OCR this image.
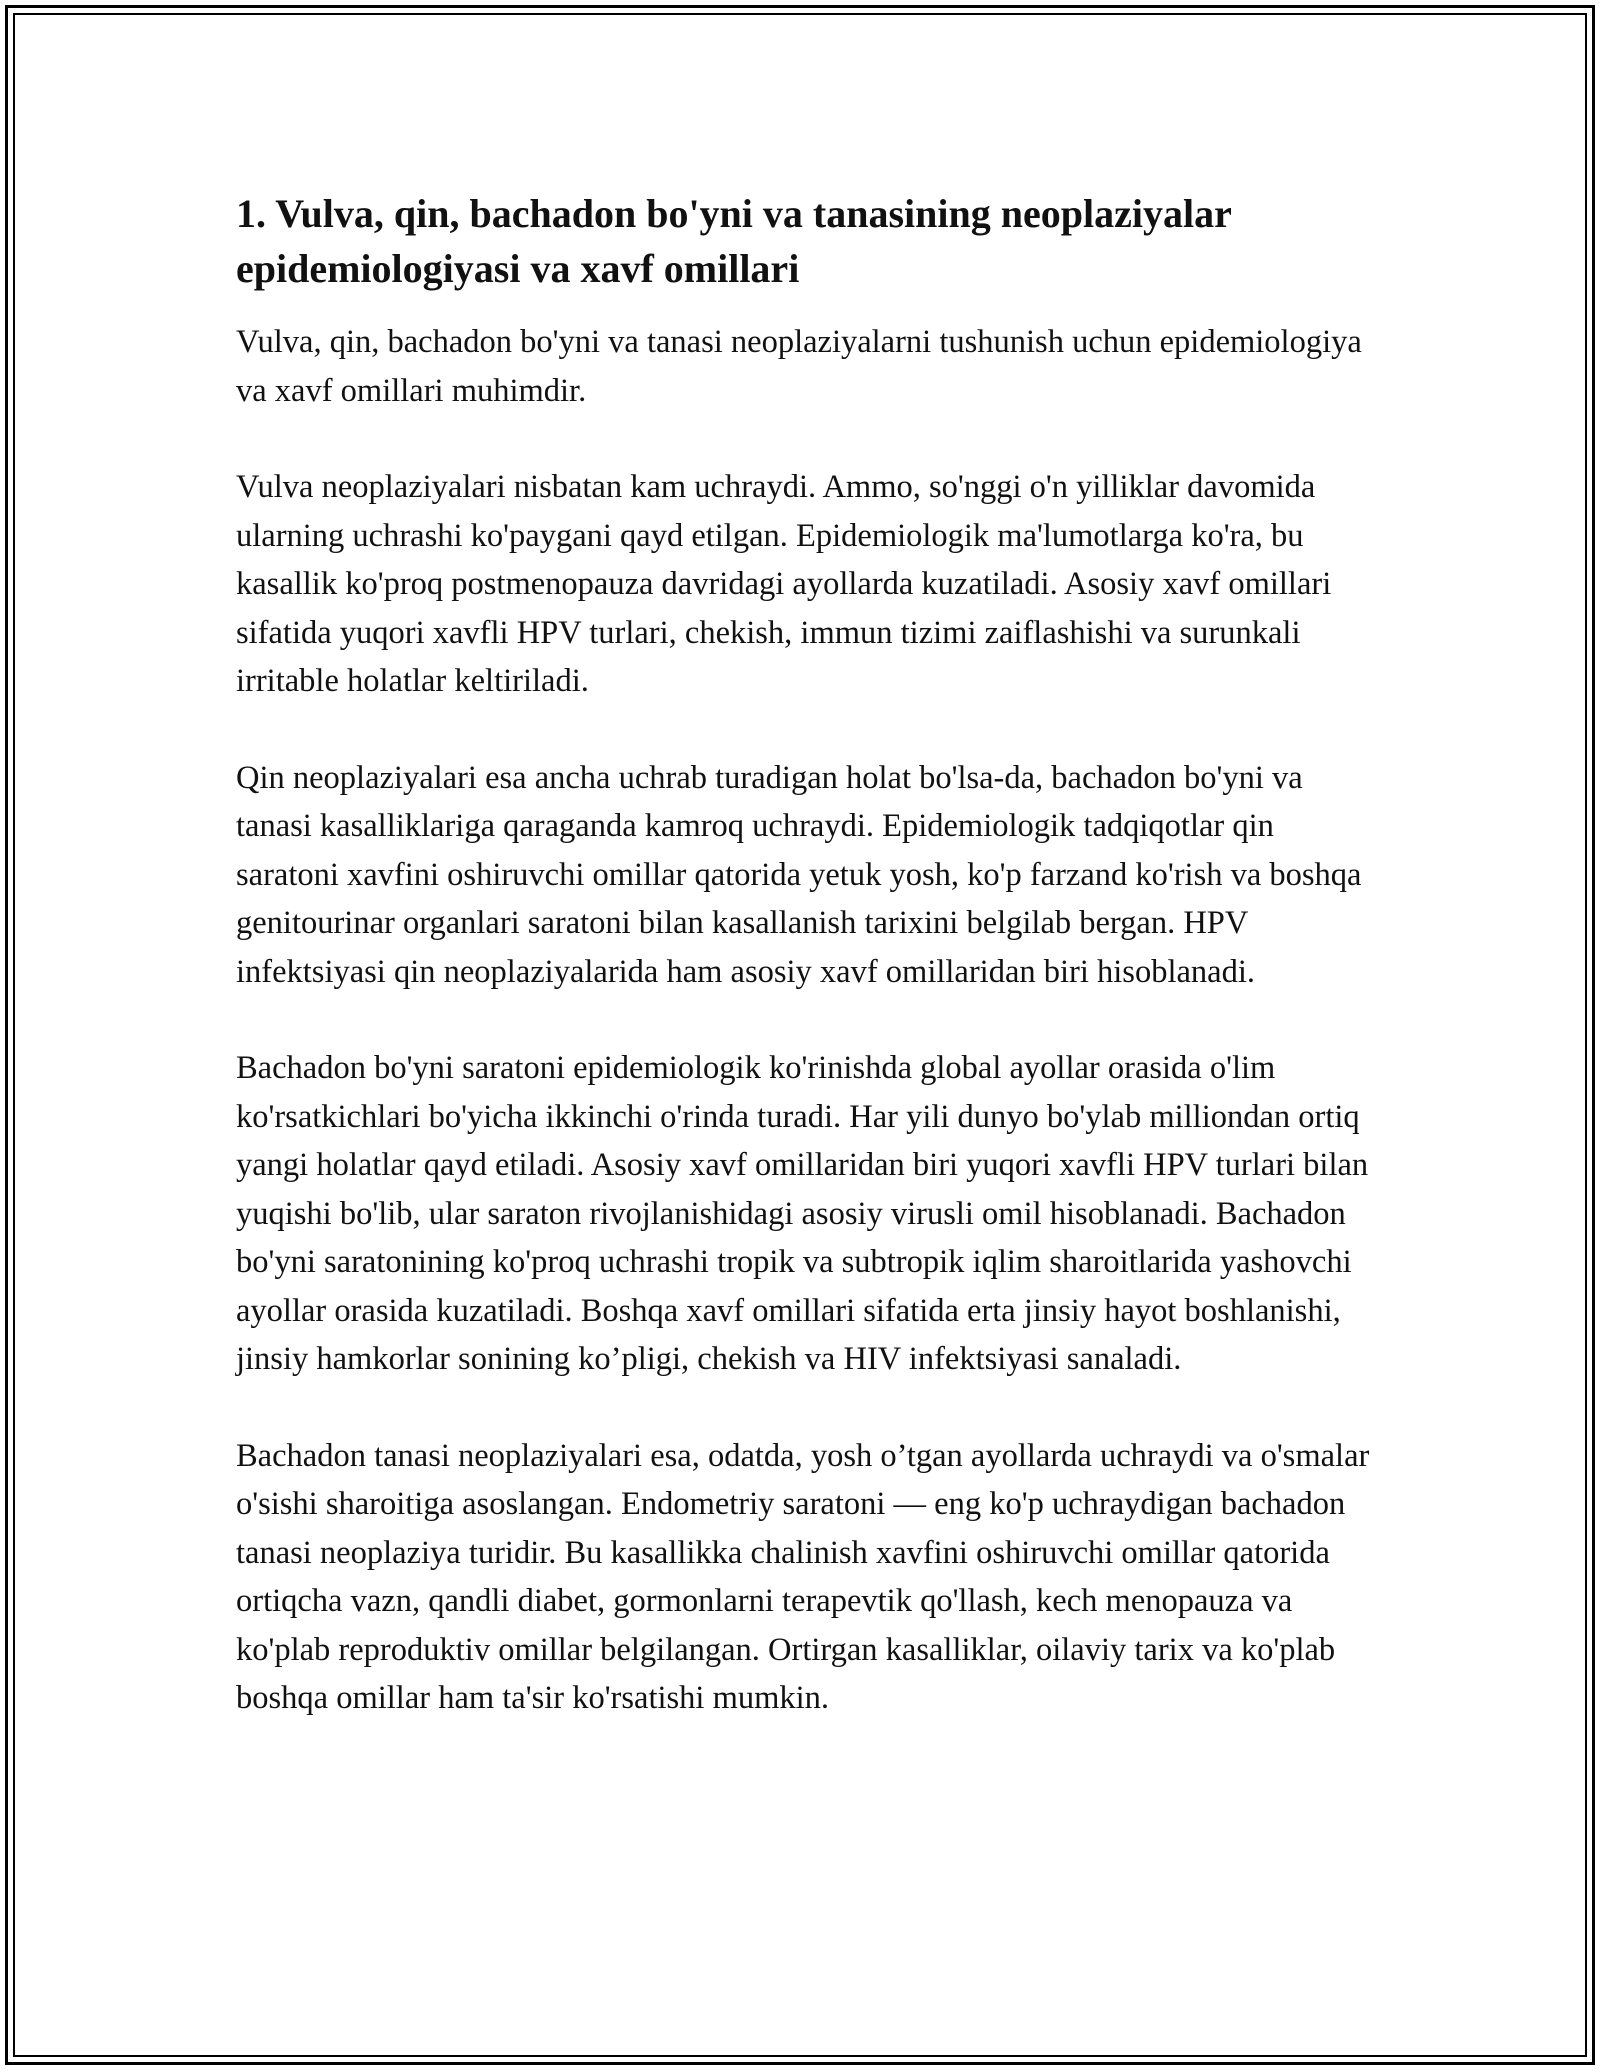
1. Vulva, qin, bachadon bo'yni va tanasining neoplaziyalar epidemiologiyasi va xavf omillari

Vulva, qin, bachadon bo'yni va tanasi neoplaziyalarni tushunish uchun epidemiologiya va xavf omillari muhimdir.

Vulva neoplaziyalari nisbatan kam uchraydi. Ammo, so'nggi o'n yilliklar davomida ularning uchrashi ko'paygani qayd etilgan. Epidemiologik ma'lumotlarga ko'ra, bu kasallik ko'proq postmenopauza davridagi ayollarda kuzatiladi. Asosiy xavf omillari sifatida yuqori xavfli HPV turlari, chekish, immun tizimi zaiflashishi va surunkali irritable holatlar keltiriladi.

Qin neoplaziyalari esa ancha uchrab turadigan holat bo'lsa-da, bachadon bo'yni va tanasi kasalliklariga qaraganda kamroq uchraydi. Epidemiologik tadqiqotlar qin saratoni xavfini oshiruvchi omillar qatorida yetuk yosh, ko'p farzand ko'rish va boshqa genitourinar organlari saratoni bilan kasallanish tarixini belgilab bergan. HPV infektsiyasi qin neoplaziyalarida ham asosiy xavf omillaridan biri hisoblanadi.

Bachadon bo'yni saratoni epidemiologik ko'rinishda global ayollar orasida o'lim ko'rsatkichlari bo'yicha ikkinchi o'rinda turadi. Har yili dunyo bo'ylab milliondan ortiq yangi holatlar qayd etiladi. Asosiy xavf omillaridan biri yuqori xavfli HPV turlari bilan yuqishi bo'lib, ular saraton rivojlanishidagi asosiy virusli omil hisoblanadi. Bachadon bo'yni saratonining ko'proq uchrashi tropik va subtropik iqlim sharoitlarida yashovchi ayollar orasida kuzatiladi. Boshqa xavf omillari sifatida erta jinsiy hayot boshlanishi, jinsiy hamkorlar sonining ko’pligi, chekish va HIV infektsiyasi sanaladi.

Bachadon tanasi neoplaziyalari esa, odatda, yosh o’tgan ayollarda uchraydi va o'smalar o'sishi sharoitiga asoslangan. Endometriy saratoni — eng ko'p uchraydigan bachadon tanasi neoplaziya turidir. Bu kasallikka chalinish xavfini oshiruvchi omillar qatorida ortiqcha vazn, qandli diabet, gormonlarni terapevtik qo'llash, kech menopauza va ko'plab reproduktiv omillar belgilangan. Ortirgan kasalliklar, oilaviy tarix va ko'plab boshqa omillar ham ta'sir ko'rsatishi mumkin.
